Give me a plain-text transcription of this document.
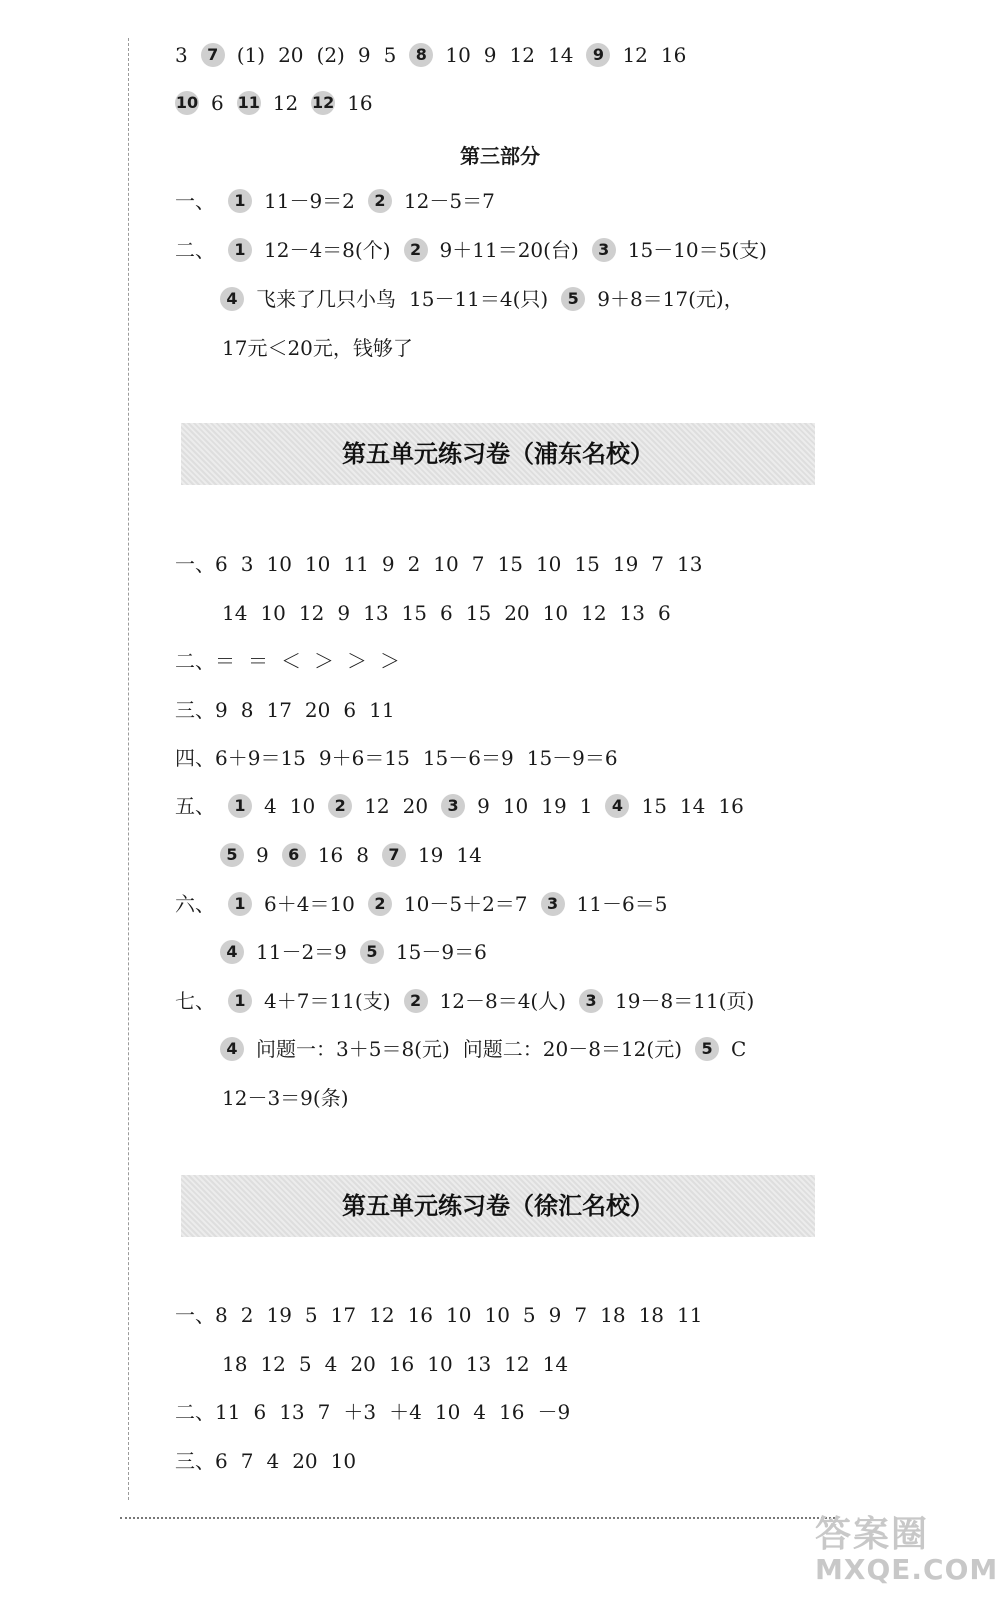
第三部分
第五单元练习卷（浦东名校）
第五单元练习卷（徐汇名校）
3 7 (1) 20 (2) 9 5 8 10 9 12 14 9 12 16
10 6 11 12 12 16
一、 1 11－9＝2 2 12－5＝7
二、 1 12－4＝8(个) 2 9＋11＝20(台) 3 15－10＝5(支)
4 飞来了几只小鸟 15－11＝4(只) 5 9＋8＝17(元)，
17元＜20元，钱够了
一、6 3 10 10 11 9 2 10 7 15 10 15 19 7 13
14 10 12 9 13 15 6 15 20 10 12 13 6
二、＝ ＝ ＜ ＞ ＞ ＞
三、9 8 17 20 6 11
四、6＋9＝15 9＋6＝15 15－6＝9 15－9＝6
五、 1 4 10 2 12 20 3 9 10 19 1 4 15 14 16
5 9 6 16 8 7 19 14
六、 1 6＋4＝10 2 10－5＋2＝7 3 11－6＝5
4 11－2＝9 5 15－9＝6
七、 1 4＋7＝11(支) 2 12－8＝4(人) 3 19－8＝11(页)
4 问题一：3＋5＝8(元) 问题二：20－8＝12(元) 5 C
12－3＝9(条)
一、8 2 19 5 17 12 16 10 10 5 9 7 18 18 11
18 12 5 4 20 16 10 13 12 14
二、11 6 13 7 ＋3 ＋4 10 4 16 －9
三、6 7 4 20 10
答案圈
MXQE.COM
